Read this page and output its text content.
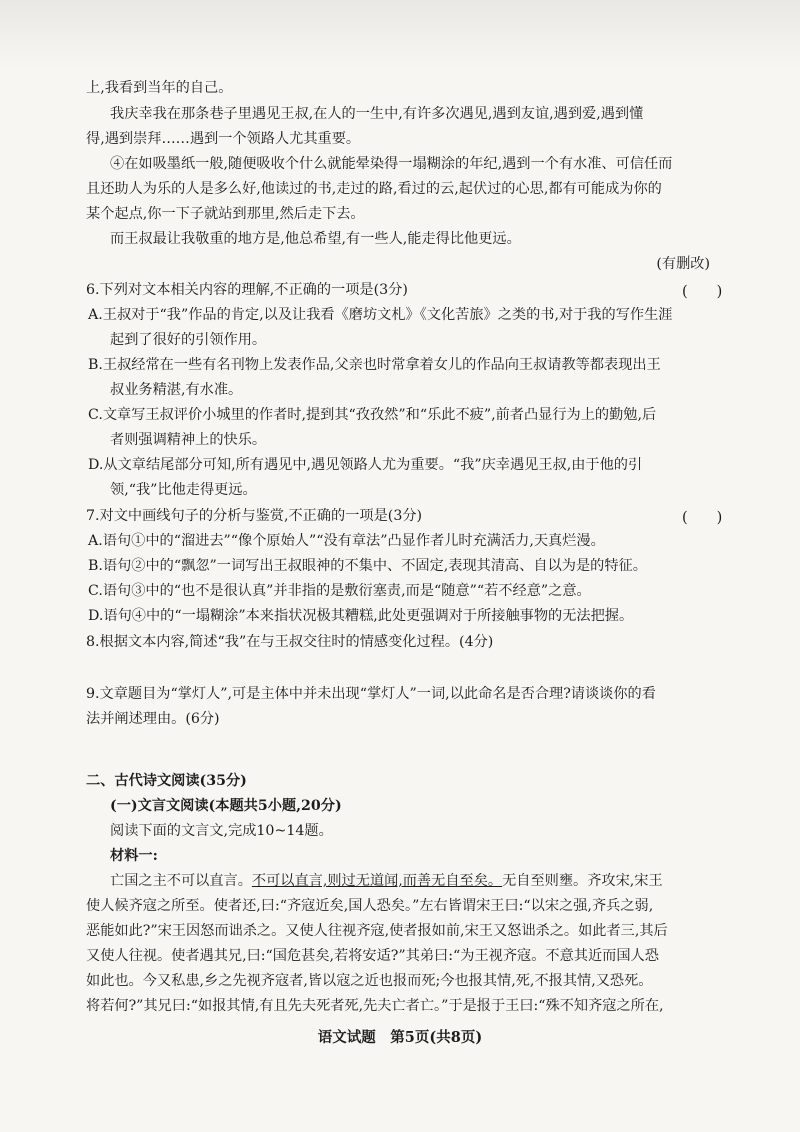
上,我看到当年的自己。
我庆幸我在那条巷子里遇见王叔,在人的一生中,有许多次遇见,遇到友谊,遇到爱,遇到懂
得,遇到崇拜……遇到一个领路人尤其重要。
④在如吸墨纸一般,随便吸收个什么就能晕染得一塌糊涂的年纪,遇到一个有水准、可信任而
且还助人为乐的人是多么好,他读过的书,走过的路,看过的云,起伏过的心思,都有可能成为你的
某个起点,你一下子就站到那里,然后走下去。
而王叔最让我敬重的地方是,他总希望,有一些人,能走得比他更远。
(有删改)
6.下列对文本相关内容的理解,不正确的一项是(3分)	(　　)
A.王叔对于“我”作品的肯定,以及让我看《磨坊文札》《文化苦旅》之类的书,对于我的写作生涯
起到了很好的引领作用。
B.王叔经常在一些有名刊物上发表作品,父亲也时常拿着女儿的作品向王叔请教等都表现出王
叔业务精湛,有水准。
C.文章写王叔评价小城里的作者时,提到其“孜孜然”和“乐此不疲”,前者凸显行为上的勤勉,后
者则强调精神上的快乐。
D.从文章结尾部分可知,所有遇见中,遇见领路人尤为重要。“我”庆幸遇见王叔,由于他的引
领,“我”比他走得更远。
7.对文中画线句子的分析与鉴赏,不正确的一项是(3分)	(　　)
A.语句①中的“溜进去”“像个原始人”“没有章法”凸显作者儿时充满活力,天真烂漫。
B.语句②中的“飘忽”一词写出王叔眼神的不集中、不固定,表现其清高、自以为是的特征。
C.语句③中的“也不是很认真”并非指的是敷衍塞责,而是“随意”“若不经意”之意。
D.语句④中的“一塌糊涂”本来指状况极其糟糕,此处更强调对于所接触事物的无法把握。
8.根据文本内容,简述“我”在与王叔交往时的情感变化过程。(4分)
9.文章题目为“掌灯人”,可是主体中并未出现“掌灯人”一词,以此命名是否合理?请谈谈你的看
法并阐述理由。(6分)
二、古代诗文阅读(35分)
(一)文言文阅读(本题共5小题,20分)
阅读下面的文言文,完成10~14题。
材料一:
亡国之主不可以直言。不可以直言,则过无道闻,而善无自至矣。无自至则壅。齐攻宋,宋王
使人候齐寇之所至。使者还,曰:“齐寇近矣,国人恐矣。”左右皆谓宋王曰:“以宋之强,齐兵之弱,
恶能如此?”宋王因怒而诎杀之。又使人往视齐寇,使者报如前,宋王又怒诎杀之。如此者三,其后
又使人往视。使者遇其兄,曰:“国危甚矣,若将安适?”其弟曰:“为王视齐寇。不意其近而国人恐
如此也。今又私患,乡之先视齐寇者,皆以寇之近也报而死;今也报其情,死,不报其情,又恐死。
将若何?”其兄曰:“如报其情,有且先夫死者死,先夫亡者亡。”于是报于王曰:“殊不知齐寇之所在,
语文试题　第5页(共8页)
